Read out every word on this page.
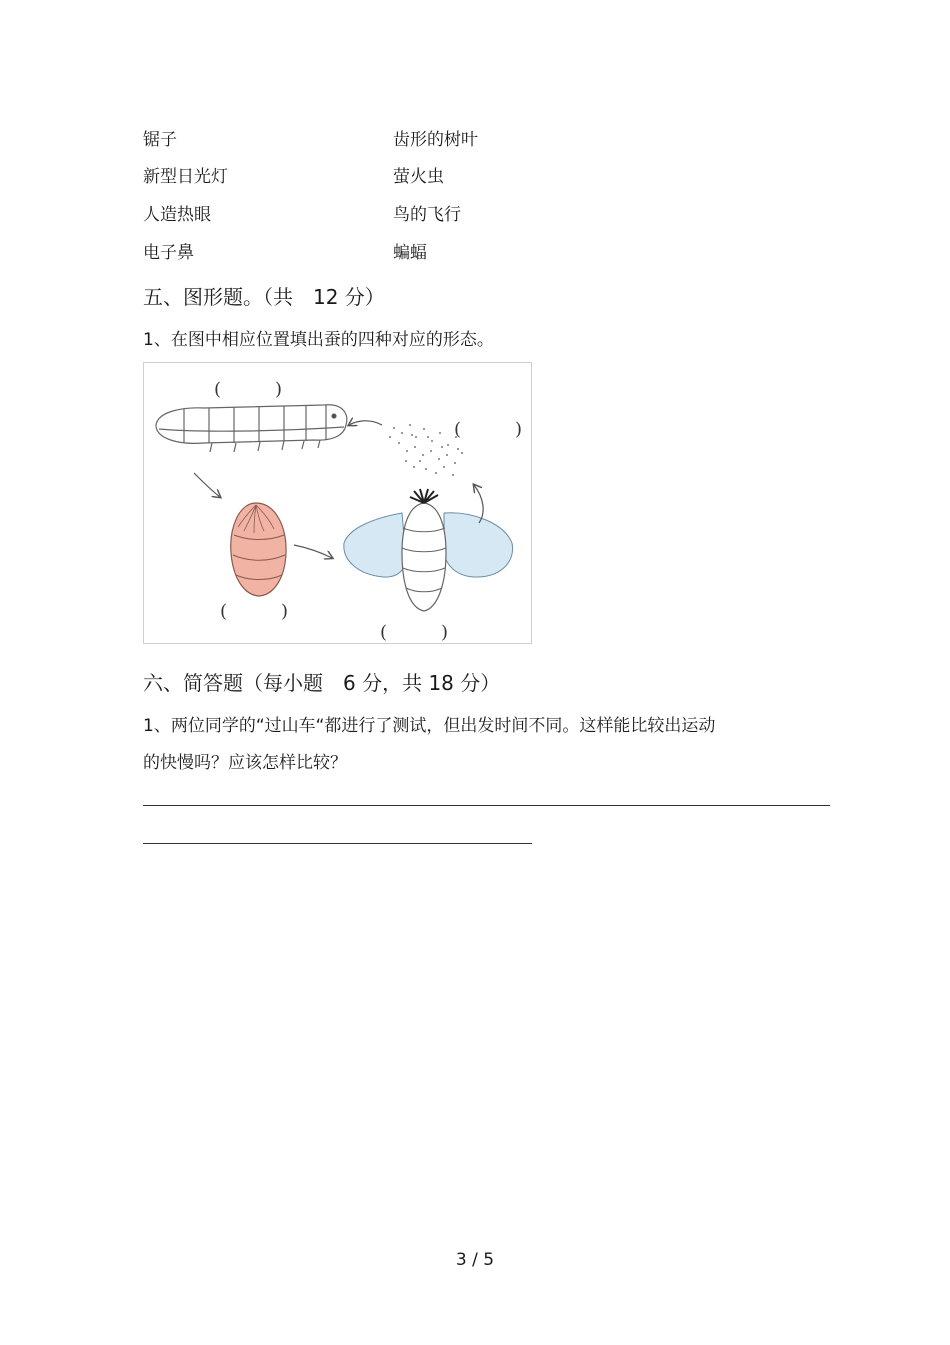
锯子	齿形的树叶
新型日光灯	萤火虫
人造热眼	鸟的飞行
电子鼻	蝙蝠
五、图形题。（共　12 分）
1、在图中相应位置填出蚕的四种对应的形态。
(　　　)
(　　　)
(　　　)
(　　　)
六、简答题（每小题　6 分，共 18 分）
1、两位同学的“过山车“都进行了测试，但出发时间不同。这样能比较出运动
的快慢吗？应该怎样比较？
3 / 5
